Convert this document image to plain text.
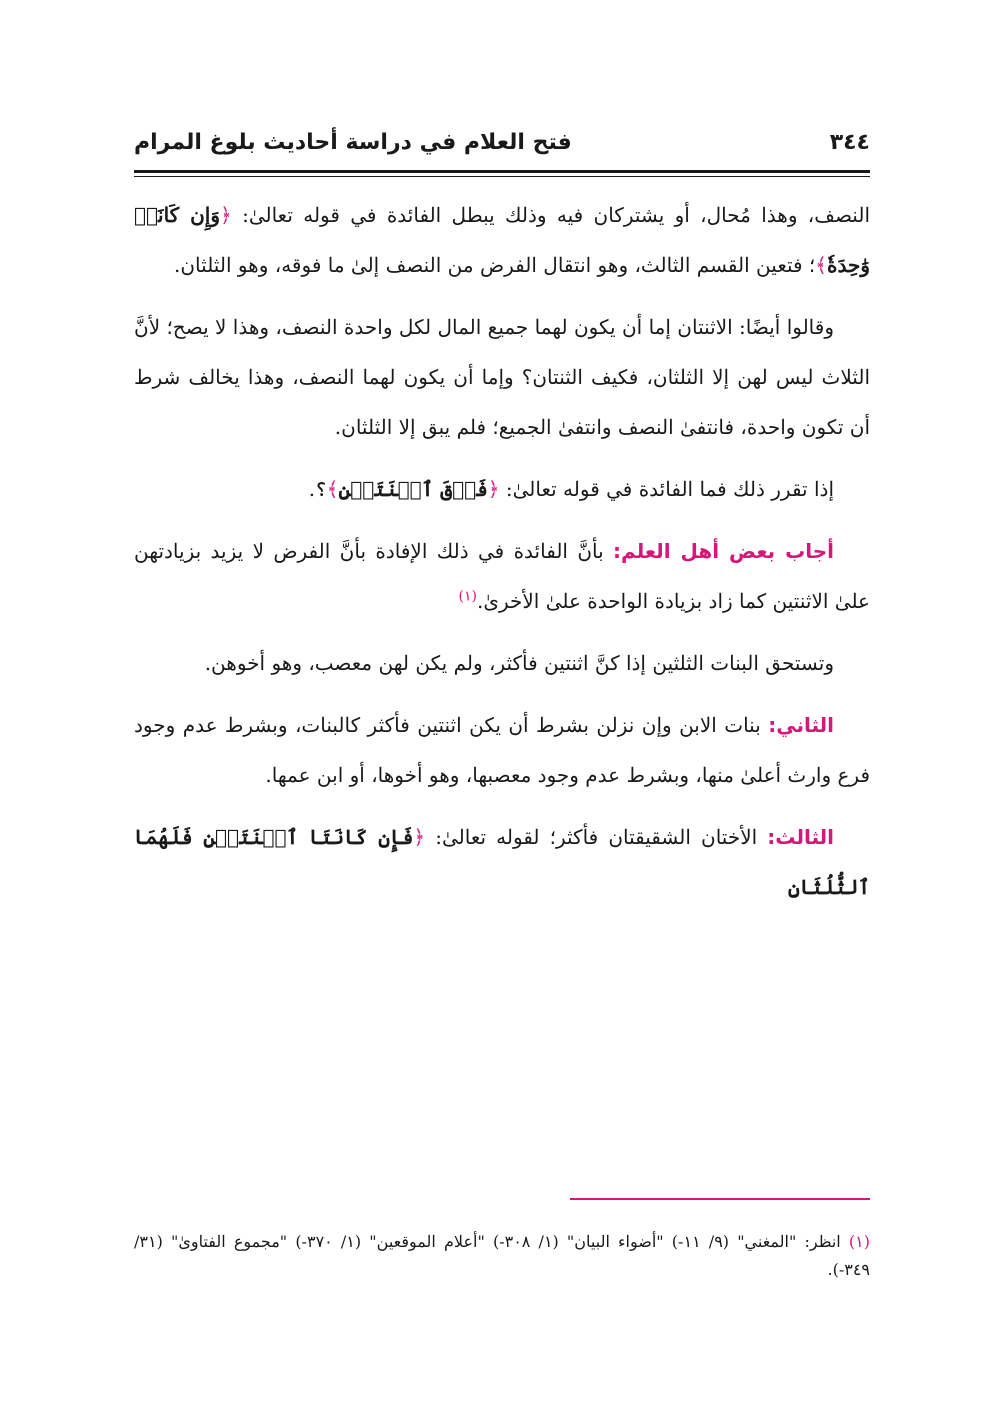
٣٤٤
فتح العلام في دراسة أحاديث بلوغ المرام

النصف، وهذا مُحال، أو يشتركان فيه وذلك يبطل الفائدة في قوله تعالىٰ: ﴿وَإِن كَانَتۡ وَٰحِدَةٗ﴾؛ فتعين القسم الثالث، وهو انتقال الفرض من النصف إلىٰ ما فوقه، وهو الثلثان.

وقالوا أيضًا: الاثنتان إما أن يكون لهما جميع المال لكل واحدة النصف، وهذا لا يصح؛ لأنَّ الثلاث ليس لهن إلا الثلثان، فكيف الثنتان؟ وإما أن يكون لهما النصف، وهذا يخالف شرط أن تكون واحدة، فانتفىٰ النصف وانتفىٰ الجميع؛ فلم يبق إلا الثلثان.

إذا تقرر ذلك فما الفائدة في قوله تعالىٰ: ﴿فَوۡقَ ٱثۡنَتَيۡنِ﴾؟.

أجاب بعض أهل العلم: بأنَّ الفائدة في ذلك الإفادة بأنَّ الفرض لا يزيد بزيادتهن علىٰ الاثنتين كما زاد بزيادة الواحدة علىٰ الأخرىٰ.$^{(١)}$

وتستحق البنات الثلثين إذا كنَّ اثنتين فأكثر، ولم يكن لهن معصب، وهو أخوهن.

الثاني: بنات الابن وإن نزلن بشرط أن يكن اثنتين فأكثر كالبنات، وبشرط عدم وجود فرع وارث أعلىٰ منها، وبشرط عدم وجود معصبها، وهو أخوها، أو ابن عمها.

الثالث: الأختان الشقيقتان فأكثر؛ لقوله تعالىٰ: ﴿فَإِن كَانَتَا ٱثۡنَتَيۡنِ فَلَهُمَا ٱلثُّلُثَانِ

(١) انظر: "المغني" (٩/ ١١-) "أضواء البيان" (١/ ٣٠٨-) "أعلام الموقعين" (١/ ٣٧٠-) "مجموع الفتاوىٰ" (٣١/ ٣٤٩-).
